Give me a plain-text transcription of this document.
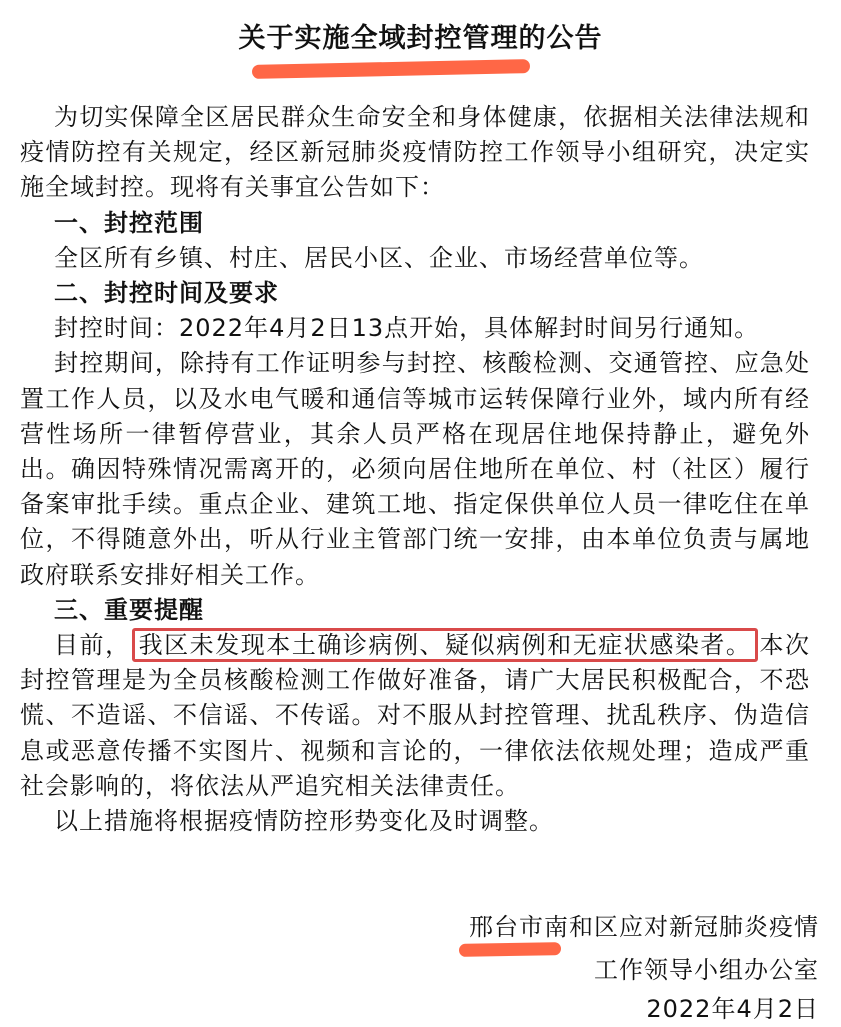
关于实施全域封控管理的公告

为切实保障全区居民群众生命安全和身体健康，依据相关法律法规和疫情防控有关规定，经区新冠肺炎疫情防控工作领导小组研究，决定实施全域封控。现将有关事宜公告如下：

一、封控范围

全区所有乡镇、村庄、居民小区、企业、市场经营单位等。

二、封控时间及要求

封控时间：2022年4月2日13点开始，具体解封时间另行通知。

封控期间，除持有工作证明参与封控、核酸检测、交通管控、应急处置工作人员，以及水电气暖和通信等城市运转保障行业外，域内所有经营性场所一律暂停营业，其余人员严格在现居住地保持静止，避免外出。确因特殊情况需离开的，必须向居住地所在单位、村（社区）履行备案审批手续。重点企业、建筑工地、指定保供单位人员一律吃住在单位，不得随意外出，听从行业主管部门统一安排，由本单位负责与属地政府联系安排好相关工作。

三、重要提醒

目前， 我区未发现本土确诊病例、疑似病例和无症状感染者。 本次封控管理是为全员核酸检测工作做好准备，请广大居民积极配合，不恐慌、不造谣、不信谣、不传谣。对不服从封控管理、扰乱秩序、伪造信息或恶意传播不实图片、视频和言论的，一律依法依规处理；造成严重社会影响的，将依法从严追究相关法律责任。

以上措施将根据疫情防控形势变化及时调整。

邢台市南和区应对新冠肺炎疫情
工作领导小组办公室
2022年4月2日
